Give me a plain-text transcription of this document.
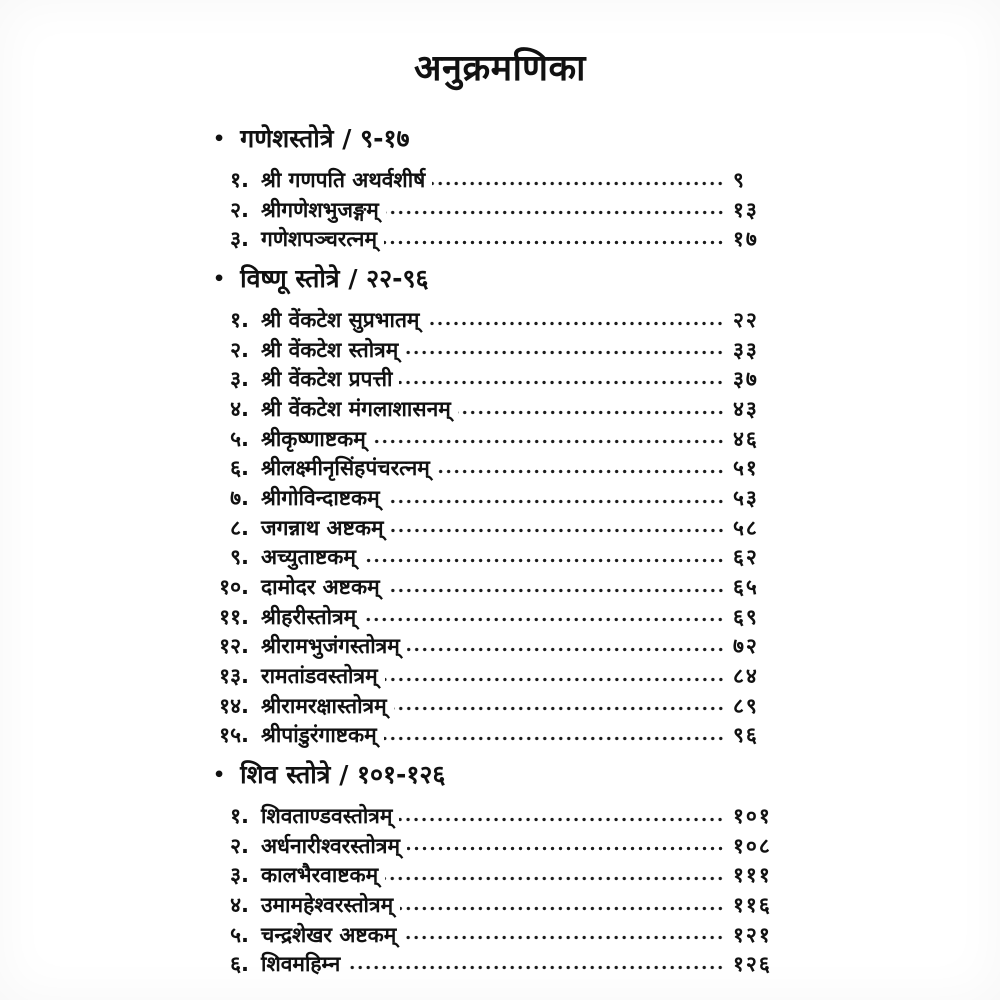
अनुक्रमणिका
• गणेशस्तोत्रे / ९-१७
१. श्री गणपति अथर्वशीर्ष	९
२. श्रीगणेशभुजङ्गम्	१३
३. गणेशपञ्चरत्नम्	१७
• विष्णू स्तोत्रे / २२-९६
१. श्री वेंकटेश सुप्रभातम्	२२
२. श्री वेंकटेश स्तोत्रम्	३३
३. श्री वेंकटेश प्रपत्ती	३७
४. श्री वेंकटेश मंगलाशासनम्	४३
५. श्रीकृष्णाष्टकम्	४६
६. श्रीलक्ष्मीनृसिंहपंचरत्नम्	५१
७. श्रीगोविन्दाष्टकम्	५३
८. जगन्नाथ अष्टकम्	५८
९. अच्युताष्टकम्	६२
१०. दामोदर अष्टकम्	६५
११. श्रीहरीस्तोत्रम्	६९
१२. श्रीरामभुजंगस्तोत्रम्	७२
१३. रामतांडवस्तोत्रम्	८४
१४. श्रीरामरक्षास्तोत्रम्	८९
१५. श्रीपांडुरंगाष्टकम्	९६
• शिव स्तोत्रे / १०१-१२६
१. शिवताण्डवस्तोत्रम्	१०१
२. अर्धनारीश्वरस्तोत्रम्	१०८
३. कालभैरवाष्टकम्	१११
४. उमामहेश्वरस्तोत्रम्	११६
५. चन्द्रशेखर अष्टकम्	१२१
६. शिवमहिम्न	१२६
